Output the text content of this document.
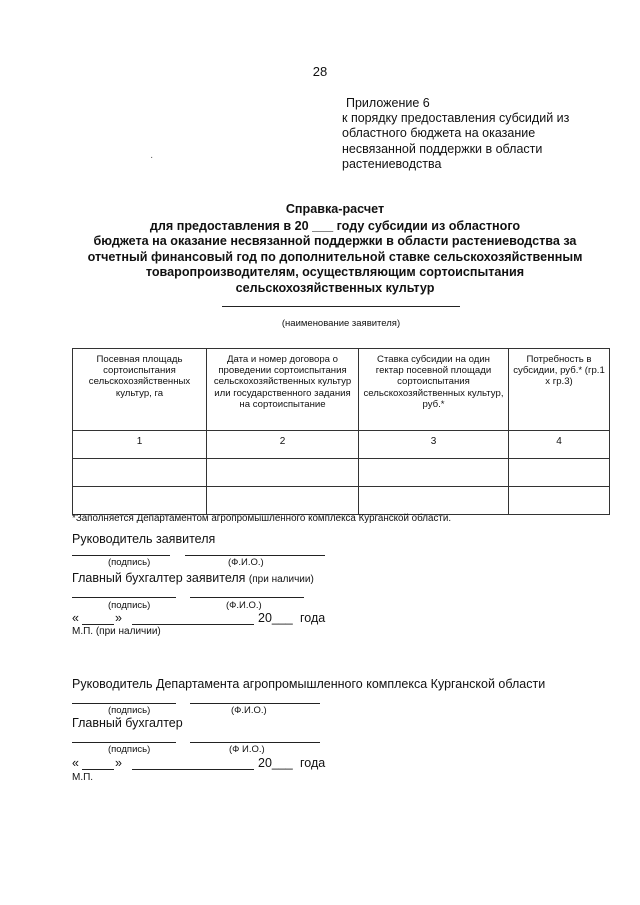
28
Приложение 6
к порядку предоставления субсидий из
областного бюджета на оказание
несвязанной поддержки в области
растениеводства
·
Справка-расчет
для предоставления в 20 ___ году субсидии из областного
бюджета на оказание несвязанной поддержки в области растениеводства за
отчетный финансовый год по дополнительной ставке сельскохозяйственным
товаропроизводителям, осуществляющим сортоиспытания
сельскохозяйственных культур
(наименование заявителя)
Посевная площадь сортоиспытания сельскохозяйственных культур, га	Дата и номер договора о проведении сортоиспытания сельскохозяйственных культур или государственного задания на сортоиспытание	Ставка субсидии на один гектар посевной площади сортоиспытания сельскохозяйственных культур, руб.*	Потребность в субсидии, руб.* (гр.1 х гр.3)
1	2	3	4

*Заполняется Департаментом агропромышленного комплекса Курганской области.
Руководитель заявителя
(подпись)	(Ф.И.О.)
Главный бухгалтер заявителя (при наличии)
(подпись)	(Ф.И.О.)
«	»	20___ года
М.П. (при наличии)
Руководитель Департамента агропромышленного комплекса Курганской области
(подпись)	(Ф.И.О.)
Главный бухгалтер
(подпись)	(Ф И.О.)
«	»	20___ года
М.П.
